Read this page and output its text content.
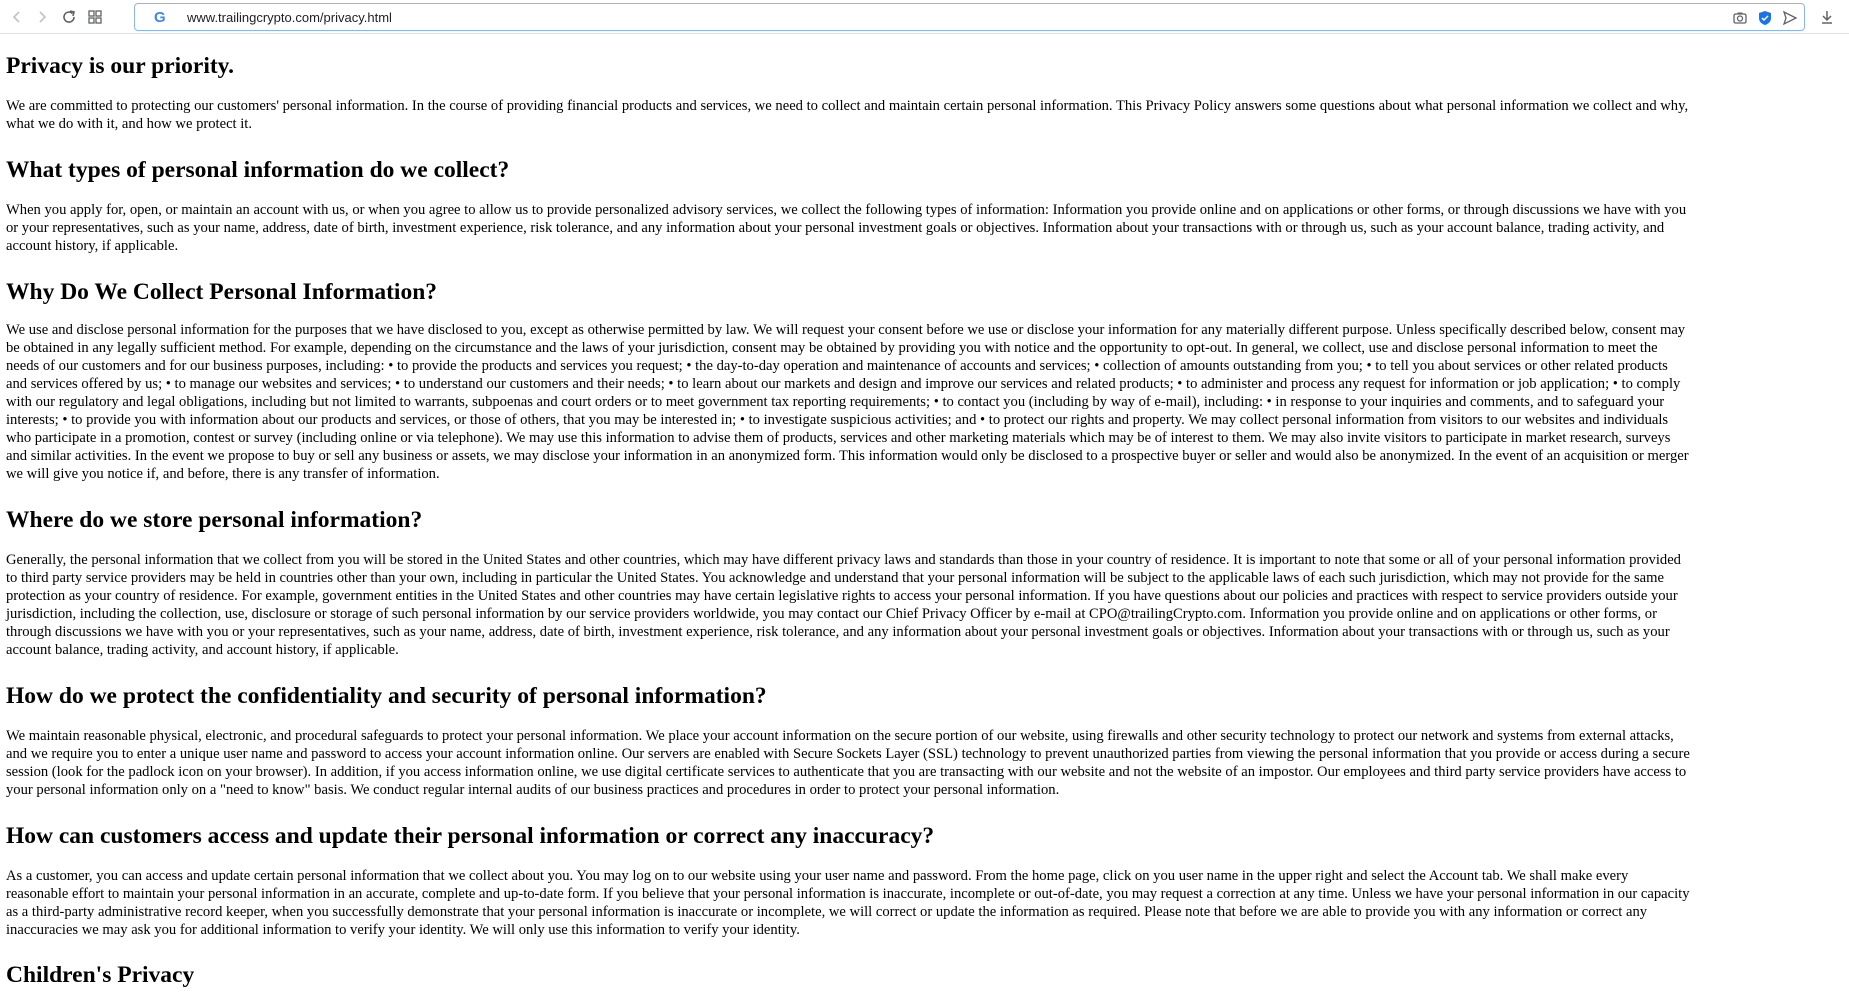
G www.trailingcrypto.com/privacy.html
Privacy is our priority.

We are committed to protecting our customers' personal information. In the course of providing financial products and services, we need to collect and maintain certain personal information. This Privacy Policy answers some questions about what personal information we collect and why,

what we do with it, and how we protect it.

What types of personal information do we collect?

When you apply for, open, or maintain an account with us, or when you agree to allow us to provide personalized advisory services, we collect the following types of information: Information you provide online and on applications or other forms, or through discussions we have with you

or your representatives, such as your name, address, date of birth, investment experience, risk tolerance, and any information about your personal investment goals or objectives. Information about your transactions with or through us, such as your account balance, trading activity, and

account history, if applicable.

Why Do We Collect Personal Information?

We use and disclose personal information for the purposes that we have disclosed to you, except as otherwise permitted by law. We will request your consent before we use or disclose your information for any materially different purpose. Unless specifically described below, consent may

be obtained in any legally sufficient method. For example, depending on the circumstance and the laws of your jurisdiction, consent may be obtained by providing you with notice and the opportunity to opt-out. In general, we collect, use and disclose personal information to meet the

needs of our customers and for our business purposes, including: • to provide the products and services you request; • the day-to-day operation and maintenance of accounts and services; • collection of amounts outstanding from you; • to tell you about services or other related products

and services offered by us; • to manage our websites and services; • to understand our customers and their needs; • to learn about our markets and design and improve our services and related products; • to administer and process any request for information or job application; • to comply

with our regulatory and legal obligations, including but not limited to warrants, subpoenas and court orders or to meet government tax reporting requirements; • to contact you (including by way of e-mail), including: • in response to your inquiries and comments, and to safeguard your

interests; • to provide you with information about our products and services, or those of others, that you may be interested in; • to investigate suspicious activities; and • to protect our rights and property. We may collect personal information from visitors to our websites and individuals

who participate in a promotion, contest or survey (including online or via telephone). We may use this information to advise them of products, services and other marketing materials which may be of interest to them. We may also invite visitors to participate in market research, surveys

and similar activities. In the event we propose to buy or sell any business or assets, we may disclose your information in an anonymized form. This information would only be disclosed to a prospective buyer or seller and would also be anonymized. In the event of an acquisition or merger

we will give you notice if, and before, there is any transfer of information.

Where do we store personal information?

Generally, the personal information that we collect from you will be stored in the United States and other countries, which may have different privacy laws and standards than those in your country of residence. It is important to note that some or all of your personal information provided

to third party service providers may be held in countries other than your own, including in particular the United States. You acknowledge and understand that your personal information will be subject to the applicable laws of each such jurisdiction, which may not provide for the same

protection as your country of residence. For example, government entities in the United States and other countries may have certain legislative rights to access your personal information. If you have questions about our policies and practices with respect to service providers outside your

jurisdiction, including the collection, use, disclosure or storage of such personal information by our service providers worldwide, you may contact our Chief Privacy Officer by e-mail at CPO@trailingCrypto.com. Information you provide online and on applications or other forms, or

through discussions we have with you or your representatives, such as your name, address, date of birth, investment experience, risk tolerance, and any information about your personal investment goals or objectives. Information about your transactions with or through us, such as your

account balance, trading activity, and account history, if applicable.

How do we protect the confidentiality and security of personal information?

We maintain reasonable physical, electronic, and procedural safeguards to protect your personal information. We place your account information on the secure portion of our website, using firewalls and other security technology to protect our network and systems from external attacks,

and we require you to enter a unique user name and password to access your account information online. Our servers are enabled with Secure Sockets Layer (SSL) technology to prevent unauthorized parties from viewing the personal information that you provide or access during a secure

session (look for the padlock icon on your browser). In addition, if you access information online, we use digital certificate services to authenticate that you are transacting with our website and not the website of an impostor. Our employees and third party service providers have access to

your personal information only on a "need to know" basis. We conduct regular internal audits of our business practices and procedures in order to protect your personal information.

How can customers access and update their personal information or correct any inaccuracy?

As a customer, you can access and update certain personal information that we collect about you. You may log on to our website using your user name and password. From the home page, click on you user name in the upper right and select the Account tab. We shall make every

reasonable effort to maintain your personal information in an accurate, complete and up-to-date form. If you believe that your personal information is inaccurate, incomplete or out-of-date, you may request a correction at any time. Unless we have your personal information in our capacity

as a third-party administrative record keeper, when you successfully demonstrate that your personal information is inaccurate or incomplete, we will correct or update the information as required. Please note that before we are able to provide you with any information or correct any

inaccuracies we may ask you for additional information to verify your identity. We will only use this information to verify your identity.

Children's Privacy
